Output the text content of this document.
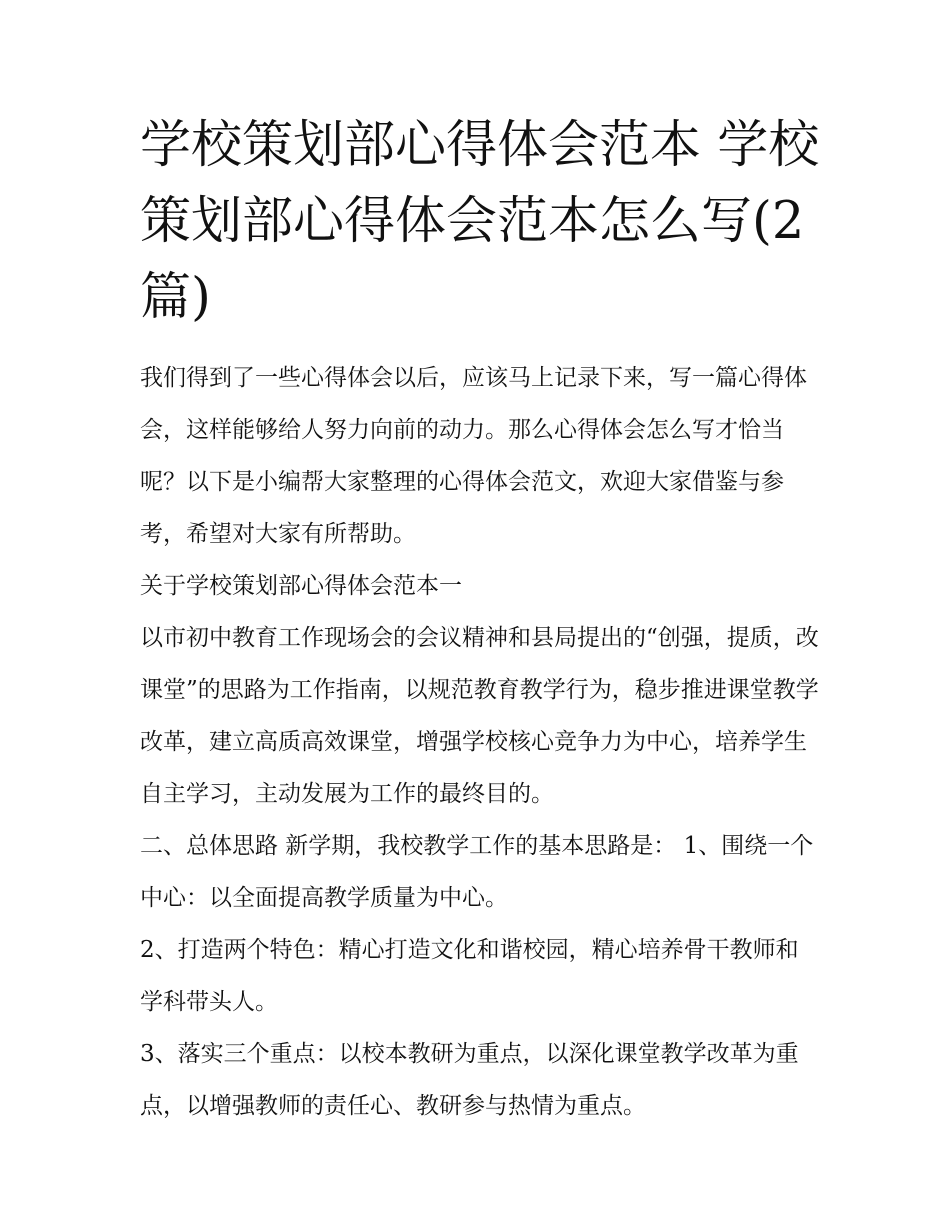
学校策划部心得体会范本 学校策划部心得体会范本怎么写(2篇)

我们得到了一些心得体会以后，应该马上记录下来，写一篇心得体会，这样能够给人努力向前的动力。那么心得体会怎么写才恰当呢？以下是小编帮大家整理的心得体会范文，欢迎大家借鉴与参考，希望对大家有所帮助。

关于学校策划部心得体会范本一

以市初中教育工作现场会的会议精神和县局提出的“创强，提质，改课堂”的思路为工作指南，以规范教育教学行为，稳步推进课堂教学改革，建立高质高效课堂，增强学校核心竞争力为中心，培养学生自主学习，主动发展为工作的最终目的。

二、总体思路 新学期，我校教学工作的基本思路是： 1、围绕一个中心：以全面提高教学质量为中心。

2、打造两个特色：精心打造文化和谐校园，精心培养骨干教师和学科带头人。

3、落实三个重点：以校本教研为重点，以深化课堂教学改革为重点，以增强教师的责任心、教研参与热情为重点。
